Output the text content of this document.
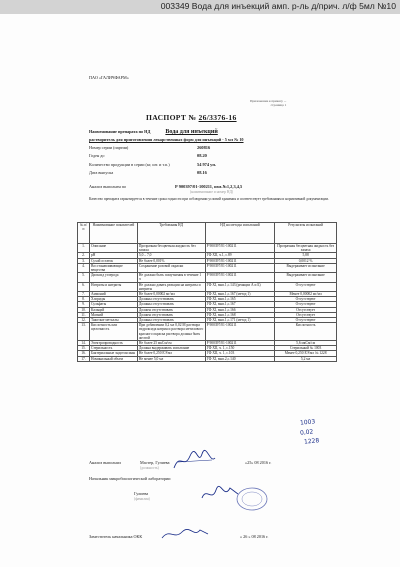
003349 Вода для инъекций амп. р-ль д/прич. л/ф 5мл №10
ПАО «ГАЛИЧФАРМ»
Приложение к приказу ...
страница 1
ПАСПОРТ № 26/3376-16
Наименование препарата по НД	Вода для инъекций
растворитель для приготовления лекарственных форм для инъекций - 5 мл № 10
Номер серии (партии)	260816
Годен до	08.20
Количество продукции в серии (кг, шт. и т.п.)	54 974 уп.
Дата выпуска	08.16
Анализ выполнен по	Р 900397/01-100211, изм.№1,2,3,4,5
(наименование и номер НД)
Качество препарата гарантируется в течение срока годности при соблюдении условий хранения и соответствует требованиям и нормативной документации.
№ п/п	Наименование показателей	Требования НД	НД на методы испытаний	Результаты испытаний
1.	Описание	Прозрачная бесцветная жидкость без запаха	Р 900397/01-100211	Прозрачная бесцветная жидкость без запаха
2.	pH	5,0 – 7,0	ГФ XII, ч.1, с.89	5,88
3.	Сухой остаток	Не более 0,001%	Р 900397/01-100211	0,0012 %
4.	Восстанавливающие вещества	Сохранение розовой окраски	Р 900397/01-100211	Выдерживает испытание
5.	Диоксид углерода	Не должно быть помутнения в течение 1 ч	Р 900397/01-100211	Выдерживает испытание
6.	Нитраты и нитриты	Не должно давать реакции на нитраты и нитриты	ГФ XI, вып.1,с.143 (реакции А и Б)	Отсутствуют
7.	Аммоний	Не более 0,00002 мг/мл	ГФ XI, вып.1,с.167 (метод 1)	Менее 0,00002 мг/мл
8.	Хлориды	Должны отсутствовать	ГФ XI, вып.1,с.165	Отсутствуют
9.	Сульфаты	Должны отсутствовать	ГФ XI, вып.1,с.167	Отсутствуют
10.	Кальций	Должен отсутствовать	ГФ XI, вып.1,с.166	Отсутствует
11.	Магний	Должен отсутствовать	ГФ XI, вып.1,с.168	Отсутствует
12.	Тяжелые металлы	Должны отсутствовать	ГФ XI, вып.1,с.171 (метод 1)	Отсутствуют
13.	Кислотность или щелочность	При добавлении 0,2 мл 0,02 М раствора гидроксида натрия и раствора метилового красного окраска раствора должна быть желтой	Р 900397/01-100211	Кислотность
14.	Электропроводность	Не более 25 мкСм/см	Р 900397/01-100211	5,6 мкСм/см
15.	Стерильность	Должна выдерживать испытание	ГФ XII, ч. 1, с.150	Стерильный № 1003
16.	Бактериальные эндотоксины	Не более 0,250 ЕЭ/мл	ГФ XII, ч. 1, с.103	Менее 0,250 ЕЭ/мл № 1228
17.	Номинальный объем	Не менее 5,0 мл	ГФ XI, вып.2,с.140	5,2 мл
1003
0,02
1228
Анализ выполнил	Мастер, Гулиева
(должность)
Начальник микробиологической лаборатории
Гулиева
(фамилия)
«25» 08 2016 г.
Заместитель начальника ОКК	« 26 » 08 2016 г.
